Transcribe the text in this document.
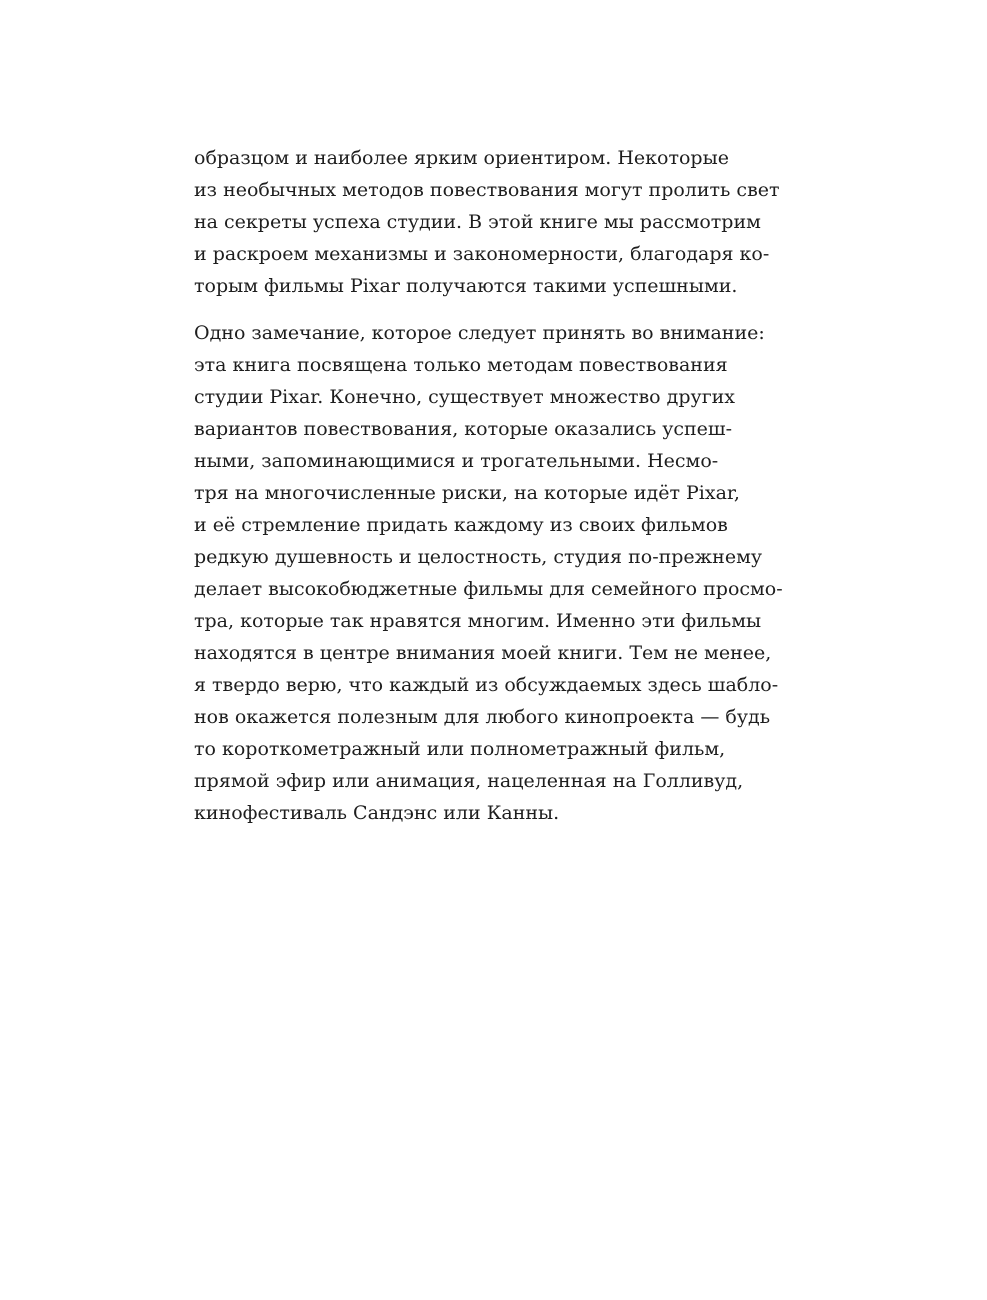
образцом и наиболее ярким ориентиром. Некоторые
из необычных методов повествования могут пролить свет
на секреты успеха студии. В этой книге мы рассмотрим
и раскроем механизмы и закономерности, благодаря ко-
торым фильмы Pixar получаются такими успешными.

Одно замечание, которое следует принять во внимание:
эта книга посвящена только методам повествования
студии Pixar. Конечно, существует множество других
вариантов повествования, которые оказались успеш-
ными, запоминающимися и трогательными. Несмо-
тря на многочисленные риски, на которые идёт Pixar,
и её стремление придать каждому из своих фильмов
редкую душевность и целостность, студия по-прежнему
делает высокобюджетные фильмы для семейного просмо-
тра, которые так нравятся многим. Именно эти фильмы
находятся в центре внимания моей книги. Тем не менее,
я твердо верю, что каждый из обсуждаемых здесь шабло-
нов окажется полезным для любого кинопроекта — будь
то короткометражный или полнометражный фильм,
прямой эфир или анимация, нацеленная на Голливуд,
кинофестиваль Сандэнс или Канны.
